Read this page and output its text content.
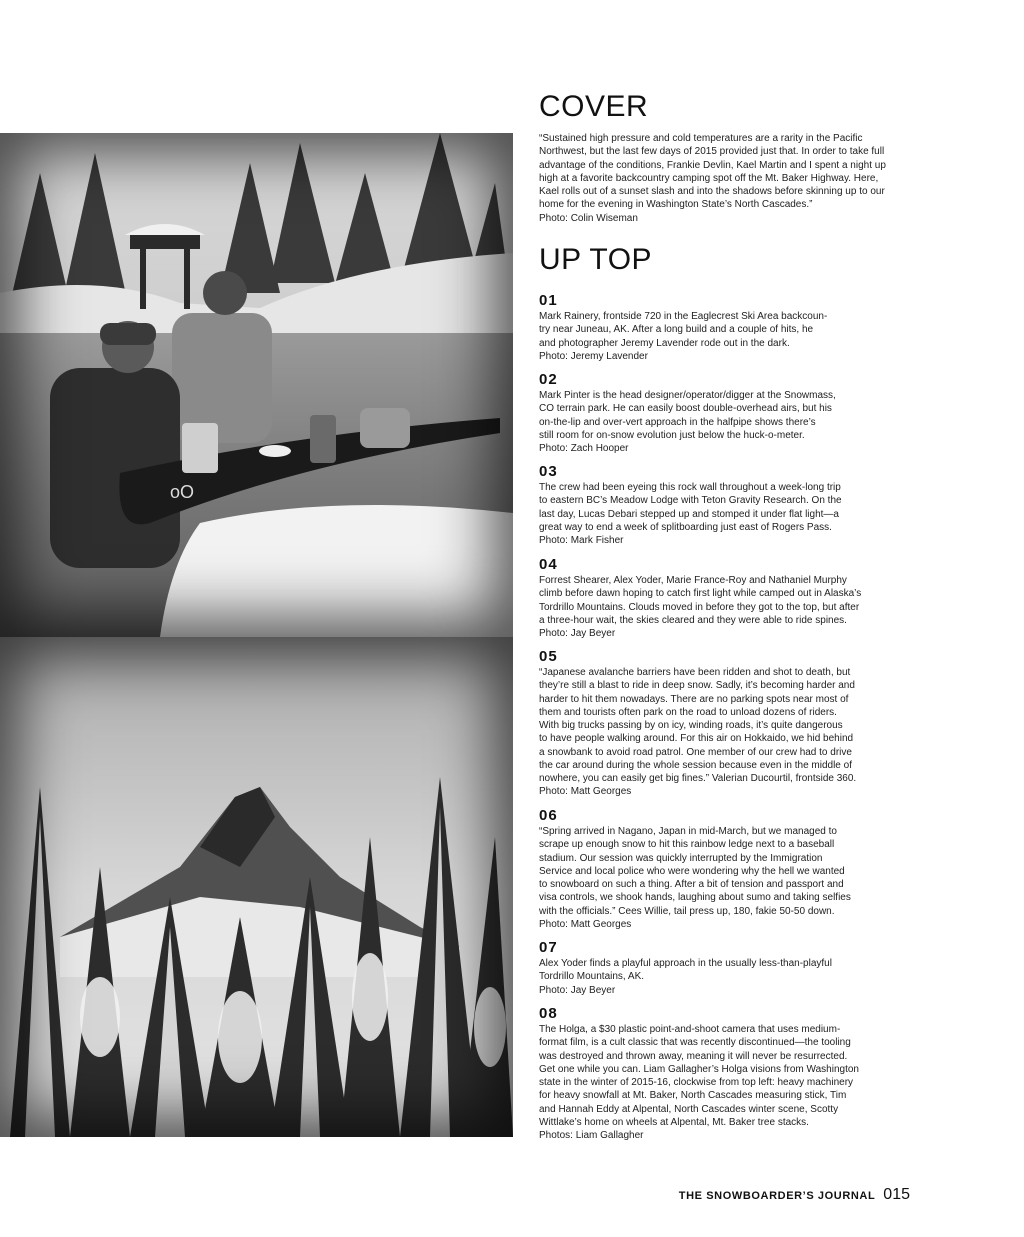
oO
COVER

“Sustained high pressure and cold temperatures are a rarity in the Pacific
Northwest, but the last few days of 2015 provided just that. In order to take full
advantage of the conditions, Frankie Devlin, Kael Martin and I spent a night up
high at a favorite backcountry camping spot off the Mt. Baker Highway. Here,
Kael rolls out of a sunset slash and into the shadows before skinning up to our
home for the evening in Washington State’s North Cascades.”
Photo: Colin Wiseman

UP TOP

01

Mark Rainery, frontside 720 in the Eaglecrest Ski Area backcoun-
try near Juneau, AK. After a long build and a couple of hits, he
and photographer Jeremy Lavender rode out in the dark.
Photo: Jeremy Lavender

02

Mark Pinter is the head designer/operator/digger at the Snowmass,
CO terrain park. He can easily boost double-overhead airs, but his
on-the-lip and over-vert approach in the halfpipe shows there’s
still room for on-snow evolution just below the huck-o-meter.
Photo: Zach Hooper

03

The crew had been eyeing this rock wall throughout a week-long trip
to eastern BC’s Meadow Lodge with Teton Gravity Research. On the
last day, Lucas Debari stepped up and stomped it under flat light—a
great way to end a week of splitboarding just east of Rogers Pass.
Photo: Mark Fisher

04

Forrest Shearer, Alex Yoder, Marie France-Roy and Nathaniel Murphy
climb before dawn hoping to catch first light while camped out in Alaska’s
Tordrillo Mountains. Clouds moved in before they got to the top, but after
a three-hour wait, the skies cleared and they were able to ride spines.
Photo: Jay Beyer

05

“Japanese avalanche barriers have been ridden and shot to death, but
they’re still a blast to ride in deep snow. Sadly, it’s becoming harder and
harder to hit them nowadays. There are no parking spots near most of
them and tourists often park on the road to unload dozens of riders.
With big trucks passing by on icy, winding roads, it’s quite dangerous
to have people walking around. For this air on Hokkaido, we hid behind
a snowbank to avoid road patrol. One member of our crew had to drive
the car around during the whole session because even in the middle of
nowhere, you can easily get big fines.” Valerian Ducourtil, frontside 360.
Photo: Matt Georges

06

“Spring arrived in Nagano, Japan in mid-March, but we managed to
scrape up enough snow to hit this rainbow ledge next to a baseball
stadium. Our session was quickly interrupted by the Immigration
Service and local police who were wondering why the hell we wanted
to snowboard on such a thing. After a bit of tension and passport and
visa controls, we shook hands, laughing about sumo and taking selfies
with the officials.” Cees Willie, tail press up, 180, fakie 50-50 down.
Photo: Matt Georges

07

Alex Yoder finds a playful approach in the usually less-than-playful
Tordrillo Mountains, AK.
Photo: Jay Beyer

08

The Holga, a $30 plastic point-and-shoot camera that uses medium-
format film, is a cult classic that was recently discontinued—the tooling
was destroyed and thrown away, meaning it will never be resurrected.
Get one while you can. Liam Gallagher’s Holga visions from Washington
state in the winter of 2015-16, clockwise from top left: heavy machinery
for heavy snowfall at Mt. Baker, North Cascades measuring stick, Tim
and Hannah Eddy at Alpental, North Cascades winter scene, Scotty
Wittlake’s home on wheels at Alpental, Mt. Baker tree stacks.
Photos: Liam Gallagher

THE SNOWBOARDER’S JOURNAL 015
